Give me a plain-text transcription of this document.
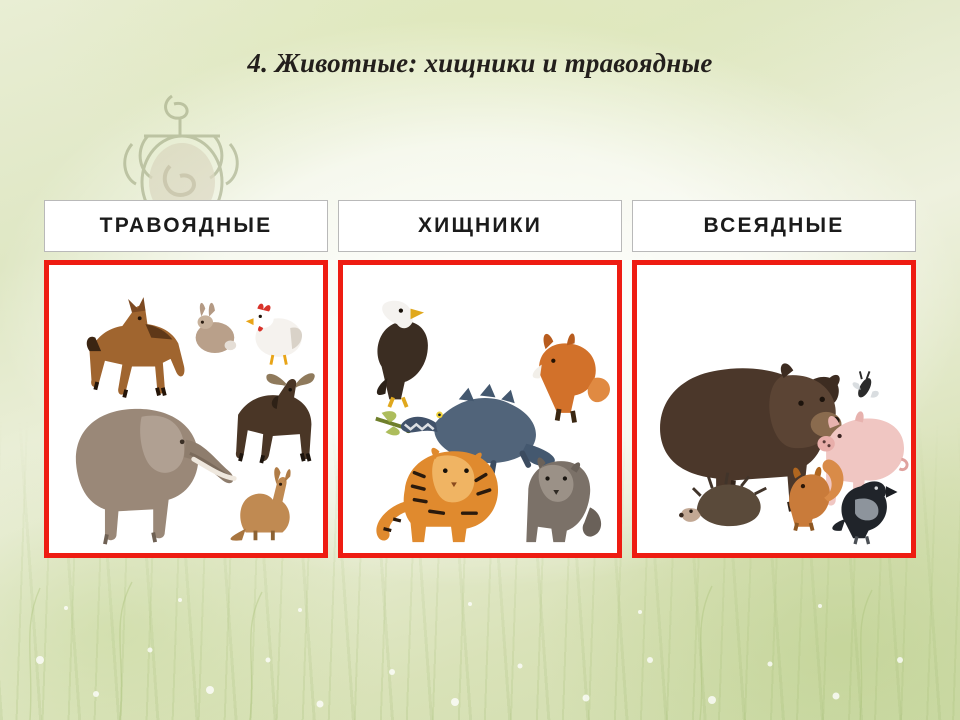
4. Животные: хищники и травоядные
ТРАВОЯДНЫЕ	ХИЩНИКИ	ВСЕЯДНЫЕ
